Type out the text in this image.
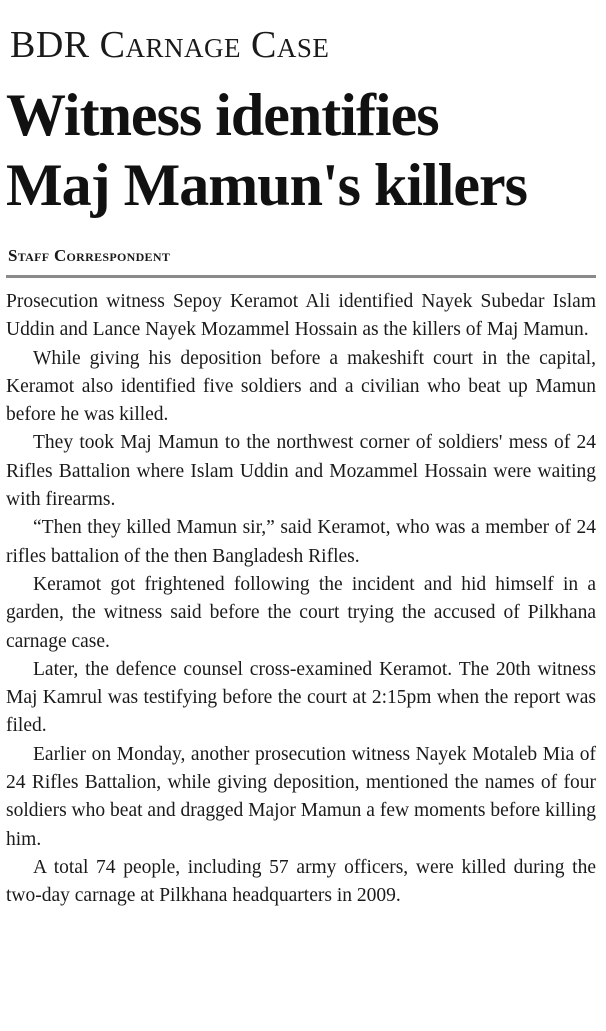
BDR Carnage Case
Witness identifies
Maj Mamun's killers
Staff Correspondent

Prosecution witness Sepoy Keramot Ali identified Nayek Subedar Islam Uddin and Lance Nayek Mozammel Hossain as the killers of Maj Mamun.

While giving his deposition before a makeshift court in the capital, Keramot also identified five soldiers and a civilian who beat up Mamun before he was killed.

They took Maj Mamun to the northwest corner of soldiers' mess of 24 Rifles Battalion where Islam Uddin and Mozammel Hossain were waiting with firearms.

“Then they killed Mamun sir,” said Keramot, who was a member of 24 rifles battalion of the then Bangladesh Rifles.

Keramot got frightened following the incident and hid himself in a garden, the witness said before the court trying the accused of Pilkhana carnage case.

Later, the defence counsel cross-examined Keramot. The 20th witness Maj Kamrul was testifying before the court at 2:15pm when the report was filed.

Earlier on Monday, another prosecution witness Nayek Motaleb Mia of 24 Rifles Battalion, while giving deposition, mentioned the names of four soldiers who beat and dragged Major Mamun a few moments before killing him.

A total 74 people, including 57 army officers, were killed during the two-day carnage at Pilkhana headquarters in 2009.
